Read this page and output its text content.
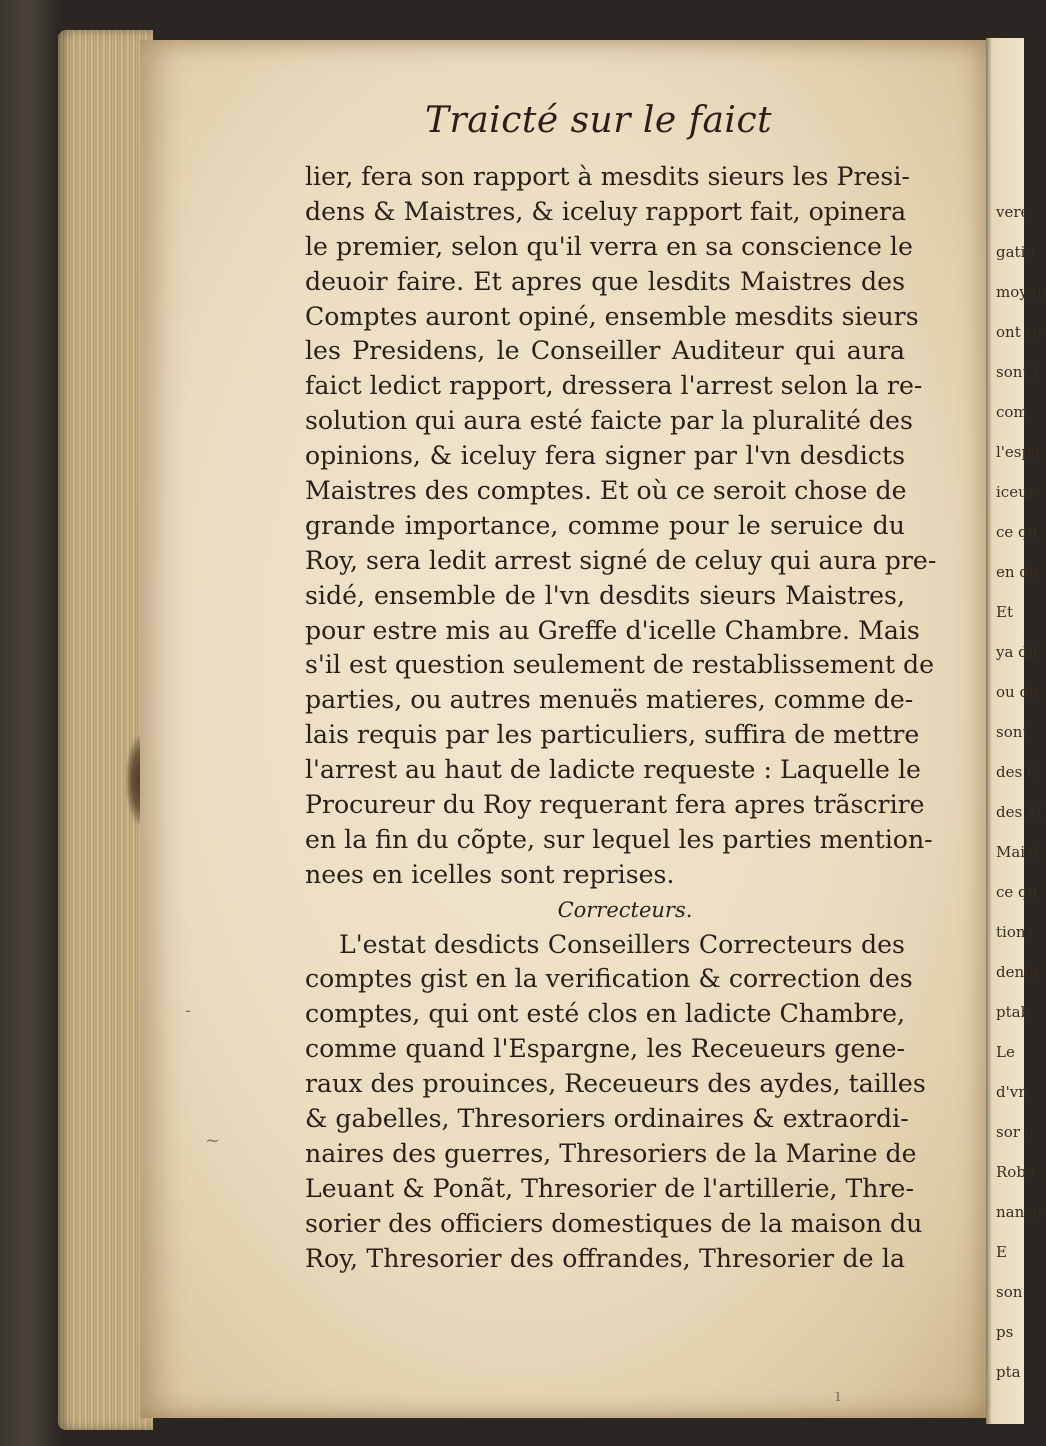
vere
gatio
moyen
ont re
sont l
com
l'espa
iceur
ce qu
en de
Et
ya dif
ou de
sont
des C
des M
Maist
ce qu
tions
denie
ptab
Le
d'vn
sor c
Robe
nance
E
son
ps
pta
Traicté sur le faict
lier, fera son rapport à mesdits sieurs les Presi-
dens & Maistres, & iceluy rapport fait, opinera
le premier, selon qu'il verra en sa conscience le
deuoir faire. Et apres que lesdits Maistres des
Comptes auront opiné, ensemble mesdits sieurs
les Presidens, le Conseiller Auditeur qui aura
faict ledict rapport, dressera l'arrest selon la re-
solution qui aura esté faicte par la pluralité des
opinions, & iceluy fera signer par l'vn desdicts
Maistres des comptes. Et où ce seroit chose de
grande importance, comme pour le seruice du
Roy, sera ledit arrest signé de celuy qui aura pre-
sidé, ensemble de l'vn desdits sieurs Maistres,
pour estre mis au Greffe d'icelle Chambre. Mais
s'il est question seulement de restablissement de
parties, ou autres menuës matieres, comme de-
lais requis par les particuliers, suffira de mettre
l'arrest au haut de ladicte requeste : Laquelle le
Procureur du Roy requerant fera apres trãscrire
en la fin du cõpte, sur lequel les parties mention-
nees en icelles sont reprises.
Correcteurs.
L'estat desdicts Conseillers Correcteurs des
comptes gist en la verification & correction des
comptes, qui ont esté clos en ladicte Chambre,
comme quand l'Espargne, les Receueurs gene-
raux des prouinces, Receueurs des aydes, tailles
& gabelles, Thresoriers ordinaires & extraordi-
naires des guerres, Thresoriers de la Marine de
Leuant & Ponãt, Thresorier de l'artillerie, Thre-
sorier des officiers domestiques de la maison du
Roy, Thresorier des offrandes, Thresorier de la
-
~
ı
